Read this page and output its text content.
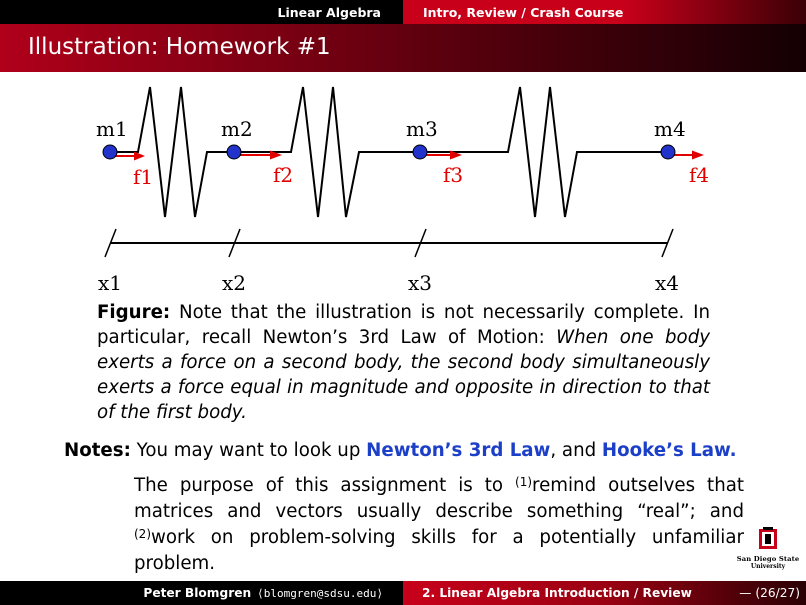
Linear Algebra	Intro, Review / Crash Course
Illustration: Homework #1
m1	m2	m3	m4
f1	f2	f3	f4
x1	x2	x3	x4
Figure: Note that the illustration is not necessarily complete. In particular, recall Newton’s 3rd Law of Motion: When one body exerts a force on a second body, the second body simultaneously exerts a force equal in magnitude and opposite in direction to that of the first body.
Notes: You may want to look up Newton’s 3rd Law, and Hooke’s Law.
The purpose of this assignment is to $^{(1)}$remind outselves that matrices and vectors usually describe something “real”; and $^{(2)}$work on problem-solving skills for a potentially unfamiliar problem.	San Diego State
University
Peter Blomgren ⟨blomgren@sdsu.edu⟩	2. Linear Algebra Introduction / Review	— (26/27)
